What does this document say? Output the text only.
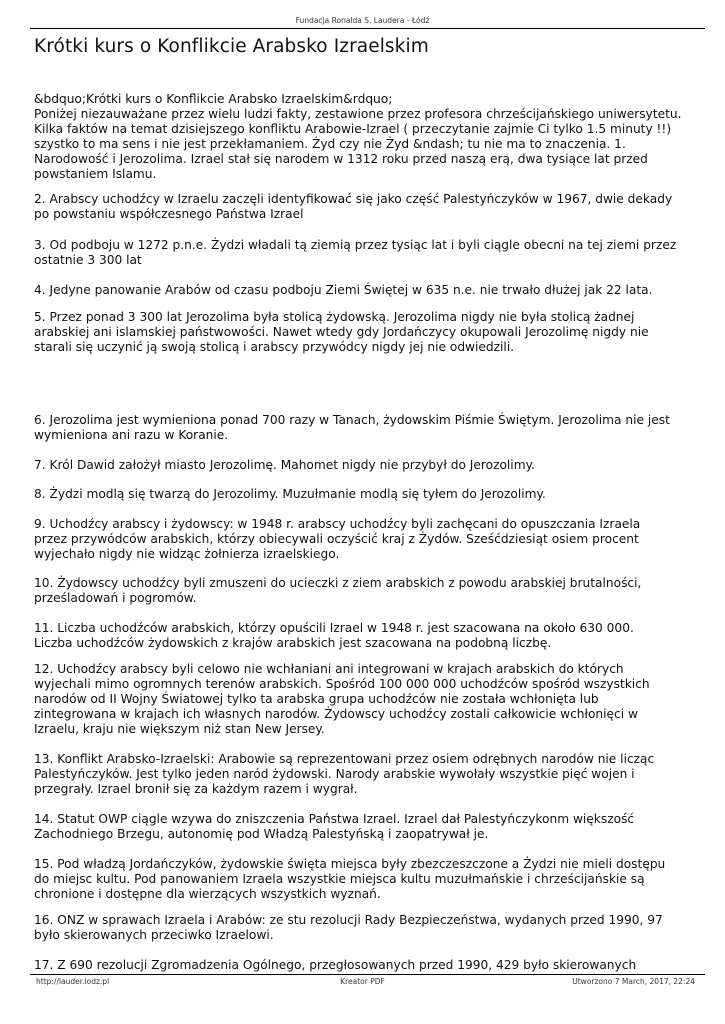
Fundacja Ronalda S. Laudera - Łódź
Krótki kurs o Konflikcie Arabsko Izraelskim
&bdquo;Krótki kurs o Konflikcie Arabsko Izraelskim&rdquo;
Poniżej niezauważane przez wielu ludzi fakty, zestawione przez profesora chrześcijańskiego uniwersytetu.
Kilka faktów na temat dzisiejszego konfliktu Arabowie-Izrael ( przeczytanie zajmie Ci tylko 1.5 minuty !!)
szystko to ma sens i nie jest przekłamaniem. Żyd czy nie Żyd &ndash; tu nie ma to znaczenia. 1.
Narodowość i Jerozolima. Izrael stał się narodem w 1312 roku przed naszą erą, dwa tysiące lat przed
powstaniem Islamu.
2. Arabscy uchodźcy w Izraelu zaczęli identyfikować się jako część Palestyńczyków w 1967, dwie dekady
po powstaniu współczesnego Państwa Izrael
3. Od podboju w 1272 p.n.e. Żydzi władali tą ziemią przez tysiąc lat i byli ciągle obecni na tej ziemi przez
ostatnie 3 300 lat
4. Jedyne panowanie Arabów od czasu podboju Ziemi Świętej w 635 n.e. nie trwało dłużej jak 22 lata.
5. Przez ponad 3 300 lat Jerozolima była stolicą żydowską. Jerozolima nigdy nie była stolicą żadnej
arabskiej ani islamskiej państwowości. Nawet wtedy gdy Jordańczycy okupowali Jerozolimę nigdy nie
starali się uczynić ją swoją stolicą i arabscy przywódcy nigdy jej nie odwiedzili.
6. Jerozolima jest wymieniona ponad 700 razy w Tanach, żydowskim Piśmie Świętym. Jerozolima nie jest
wymieniona ani razu w Koranie.
7. Król Dawid założył miasto Jerozolimę. Mahomet nigdy nie przybył do Jerozolimy.
8. Żydzi modlą się twarzą do Jerozolimy. Muzułmanie modlą się tyłem do Jerozolimy.
9. Uchodźcy arabscy i żydowscy: w 1948 r. arabscy uchodźcy byli zachęcani do opuszczania Izraela
przez przywódców arabskich, którzy obiecywali oczyścić kraj z Żydów. Sześćdziesiąt osiem procent
wyjechało nigdy nie widząc żołnierza izraelskiego.
10. Żydowscy uchodźcy byli zmuszeni do ucieczki z ziem arabskich z powodu arabskiej brutalności,
prześladowań i pogromów.
11. Liczba uchodźców arabskich, którzy opuścili Izrael w 1948 r. jest szacowana na około 630 000.
Liczba uchodźców żydowskich z krajów arabskich jest szacowana na podobną liczbę.
12. Uchodźcy arabscy byli celowo nie wchłaniani ani integrowani w krajach arabskich do których
wyjechali mimo ogromnych terenów arabskich. Spośród 100 000 000 uchodźców spośród wszystkich
narodów od II Wojny Światowej tylko ta arabska grupa uchodźców nie została wchłonięta lub
zintegrowana w krajach ich własnych narodów. Żydowscy uchodźcy zostali całkowicie wchłonięci w
Izraelu, kraju nie większym niż stan New Jersey.
13. Konflikt Arabsko-Izraelski: Arabowie są reprezentowani przez osiem odrębnych narodów nie licząc
Palestyńczyków. Jest tylko jeden naród żydowski. Narody arabskie wywołały wszystkie pięć wojen i
przegrały. Izrael bronił się za każdym razem i wygrał.
14. Statut OWP ciągle wzywa do zniszczenia Państwa Izrael. Izrael dał Palestyńczykonm większość
Zachodniego Brzegu, autonomię pod Władzą Palestyńską i zaopatrywał je.
15. Pod władzą Jordańczyków, żydowskie święta miejsca były zbezczeszczone a Żydzi nie mieli dostępu
do miejsc kultu. Pod panowaniem Izraela wszystkie miejsca kultu muzułmańskie i chrześcijańskie są
chronione i dostępne dla wierzących wszystkich wyznań.
16. ONZ w sprawach Izraela i Arabów: ze stu rezolucji Rady Bezpieczeństwa, wydanych przed 1990, 97
było skierowanych przeciwko Izraelowi.
17. Z 690 rezolucji Zgromadzenia Ogólnego, przegłosowanych przed 1990, 429 było skierowanych
http://lauder.lodz.pl	Kreator PDF	Utworzono 7 March, 2017, 22:24
